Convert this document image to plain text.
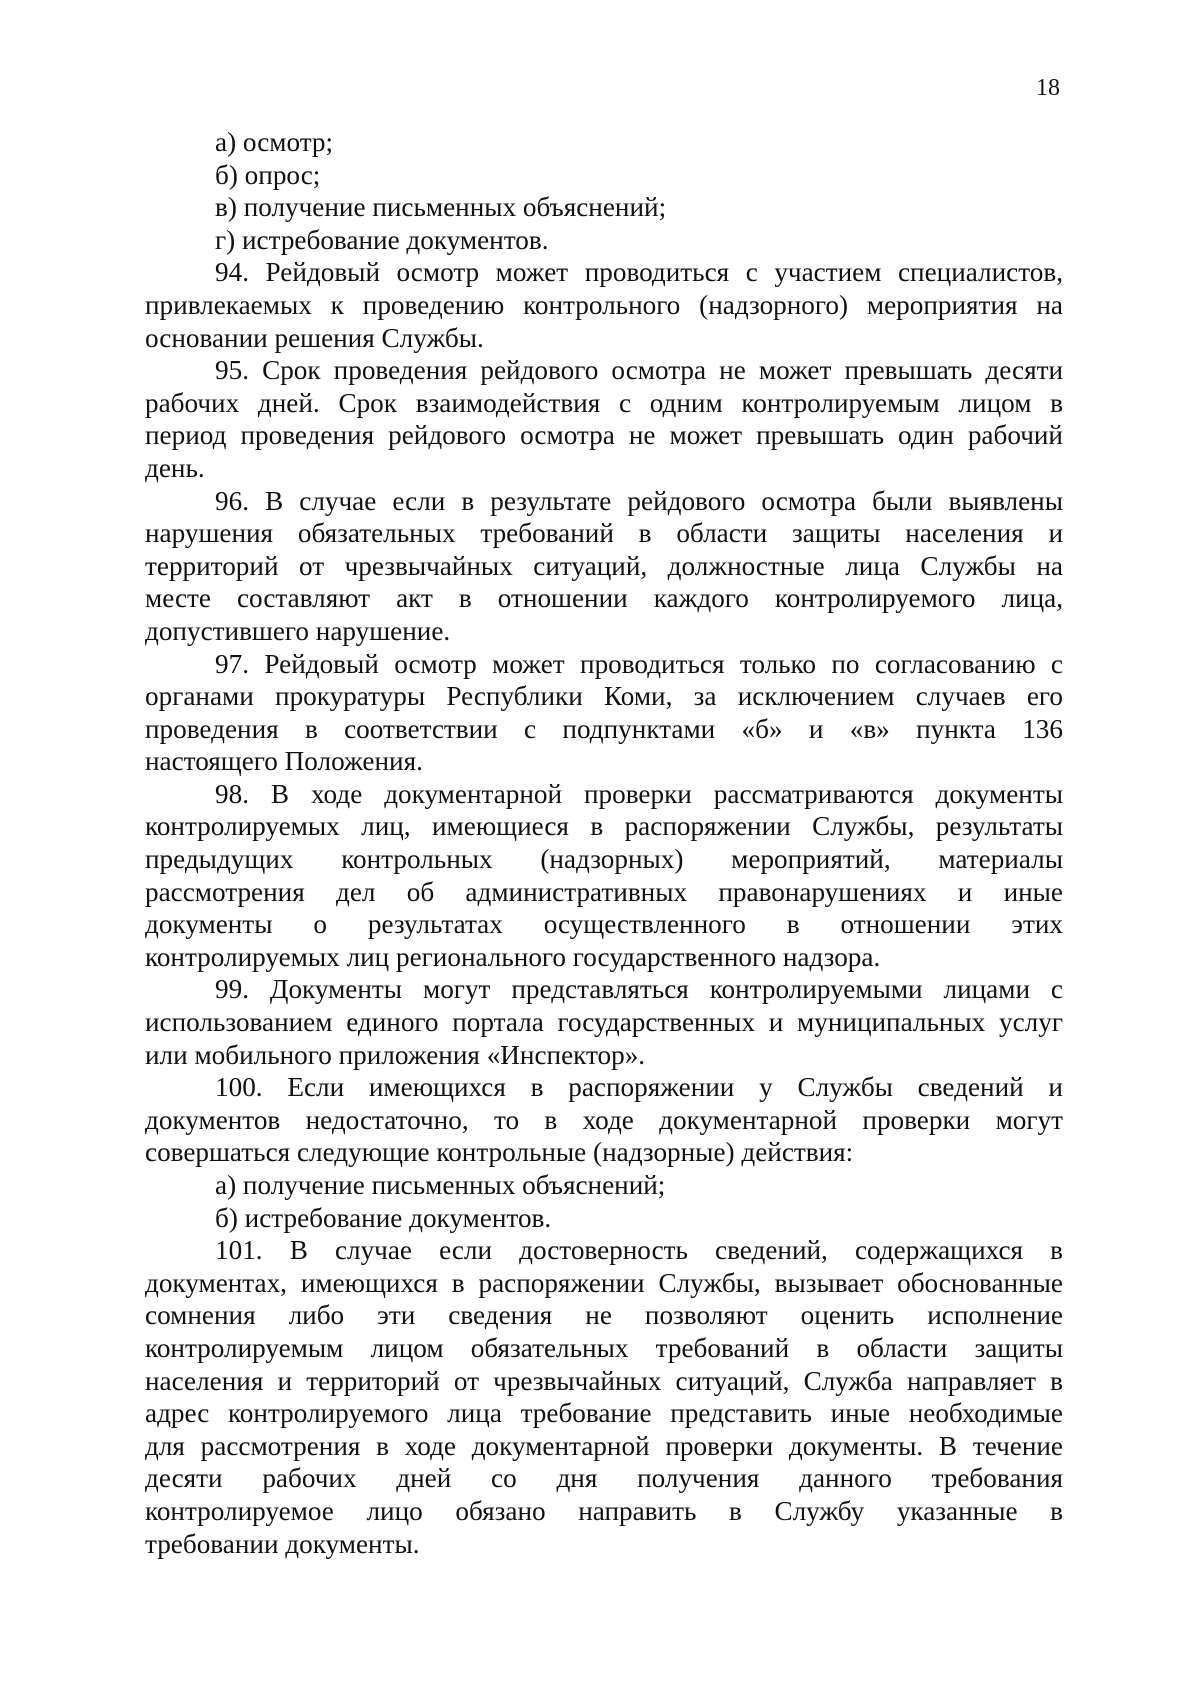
18
а) осмотр;
б) опрос;
в) получение письменных объяснений;
г) истребование документов.
94. Рейдовый осмотр может проводиться с участием специалистов,
привлекаемых к проведению контрольного (надзорного) мероприятия на
основании решения Службы.
95. Срок проведения рейдового осмотра не может превышать десяти
рабочих дней. Срок взаимодействия с одним контролируемым лицом в
период проведения рейдового осмотра не может превышать один рабочий
день.
96. В случае если в результате рейдового осмотра были выявлены
нарушения обязательных требований в области защиты населения и
территорий от чрезвычайных ситуаций, должностные лица Службы на
месте составляют акт в отношении каждого контролируемого лица,
допустившего нарушение.
97. Рейдовый осмотр может проводиться только по согласованию с
органами прокуратуры Республики Коми, за исключением случаев его
проведения в соответствии с подпунктами «б» и «в» пункта 136
настоящего Положения.
98. В ходе документарной проверки рассматриваются документы
контролируемых лиц, имеющиеся в распоряжении Службы, результаты
предыдущих контрольных (надзорных) мероприятий, материалы
рассмотрения дел об административных правонарушениях и иные
документы о результатах осуществленного в отношении этих
контролируемых лиц регионального государственного надзора.
99. Документы могут представляться контролируемыми лицами с
использованием единого портала государственных и муниципальных услуг
или мобильного приложения «Инспектор».
100. Если имеющихся в распоряжении у Службы сведений и
документов недостаточно, то в ходе документарной проверки могут
совершаться следующие контрольные (надзорные) действия:
а) получение письменных объяснений;
б) истребование документов.
101. В случае если достоверность сведений, содержащихся в
документах, имеющихся в распоряжении Службы, вызывает обоснованные
сомнения либо эти сведения не позволяют оценить исполнение
контролируемым лицом обязательных требований в области защиты
населения и территорий от чрезвычайных ситуаций, Служба направляет в
адрес контролируемого лица требование представить иные необходимые
для рассмотрения в ходе документарной проверки документы. В течение
десяти рабочих дней со дня получения данного требования
контролируемое лицо обязано направить в Службу указанные в
требовании документы.
